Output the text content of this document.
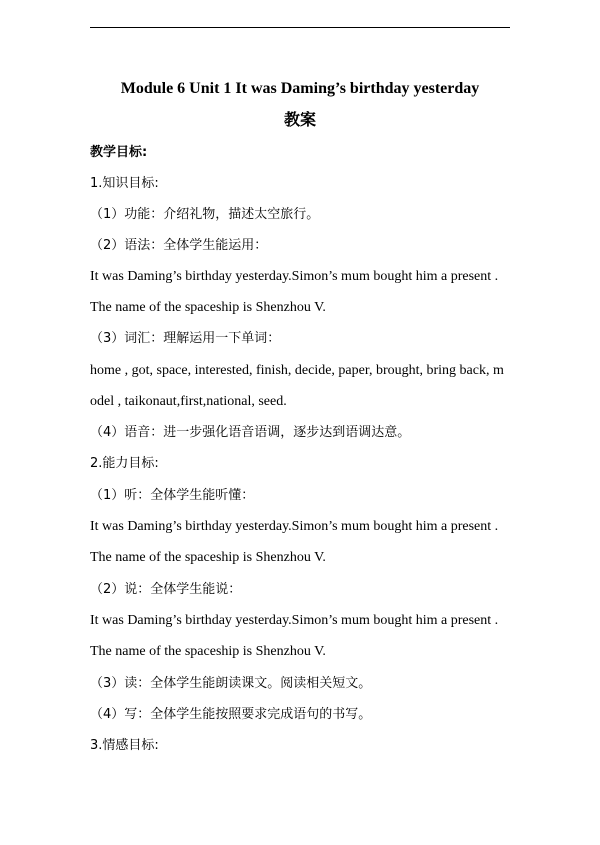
Module 6 Unit 1 It was Daming’s birthday yesterday
教案
教学目标:
1.知识目标:
（1）功能：介绍礼物，描述太空旅行。
（2）语法：全体学生能运用：
It was Daming’s birthday yesterday.Simon’s mum bought him a present .
The name of the spaceship is Shenzhou V.
（3）词汇：理解运用一下单词：
home , got, space, interested, finish, decide, paper, brought, bring back, m
odel , taikonaut,first,national, seed.
（4）语音：进一步强化语音语调，逐步达到语调达意。
2.能力目标:
（1）听：全体学生能听懂：
It was Daming’s birthday yesterday.Simon’s mum bought him a present .
The name of the spaceship is Shenzhou V.
（2）说：全体学生能说：
It was Daming’s birthday yesterday.Simon’s mum bought him a present .
The name of the spaceship is Shenzhou V.
（3）读：全体学生能朗读课文。阅读相关短文。
（4）写：全体学生能按照要求完成语句的书写。
3.情感目标:
